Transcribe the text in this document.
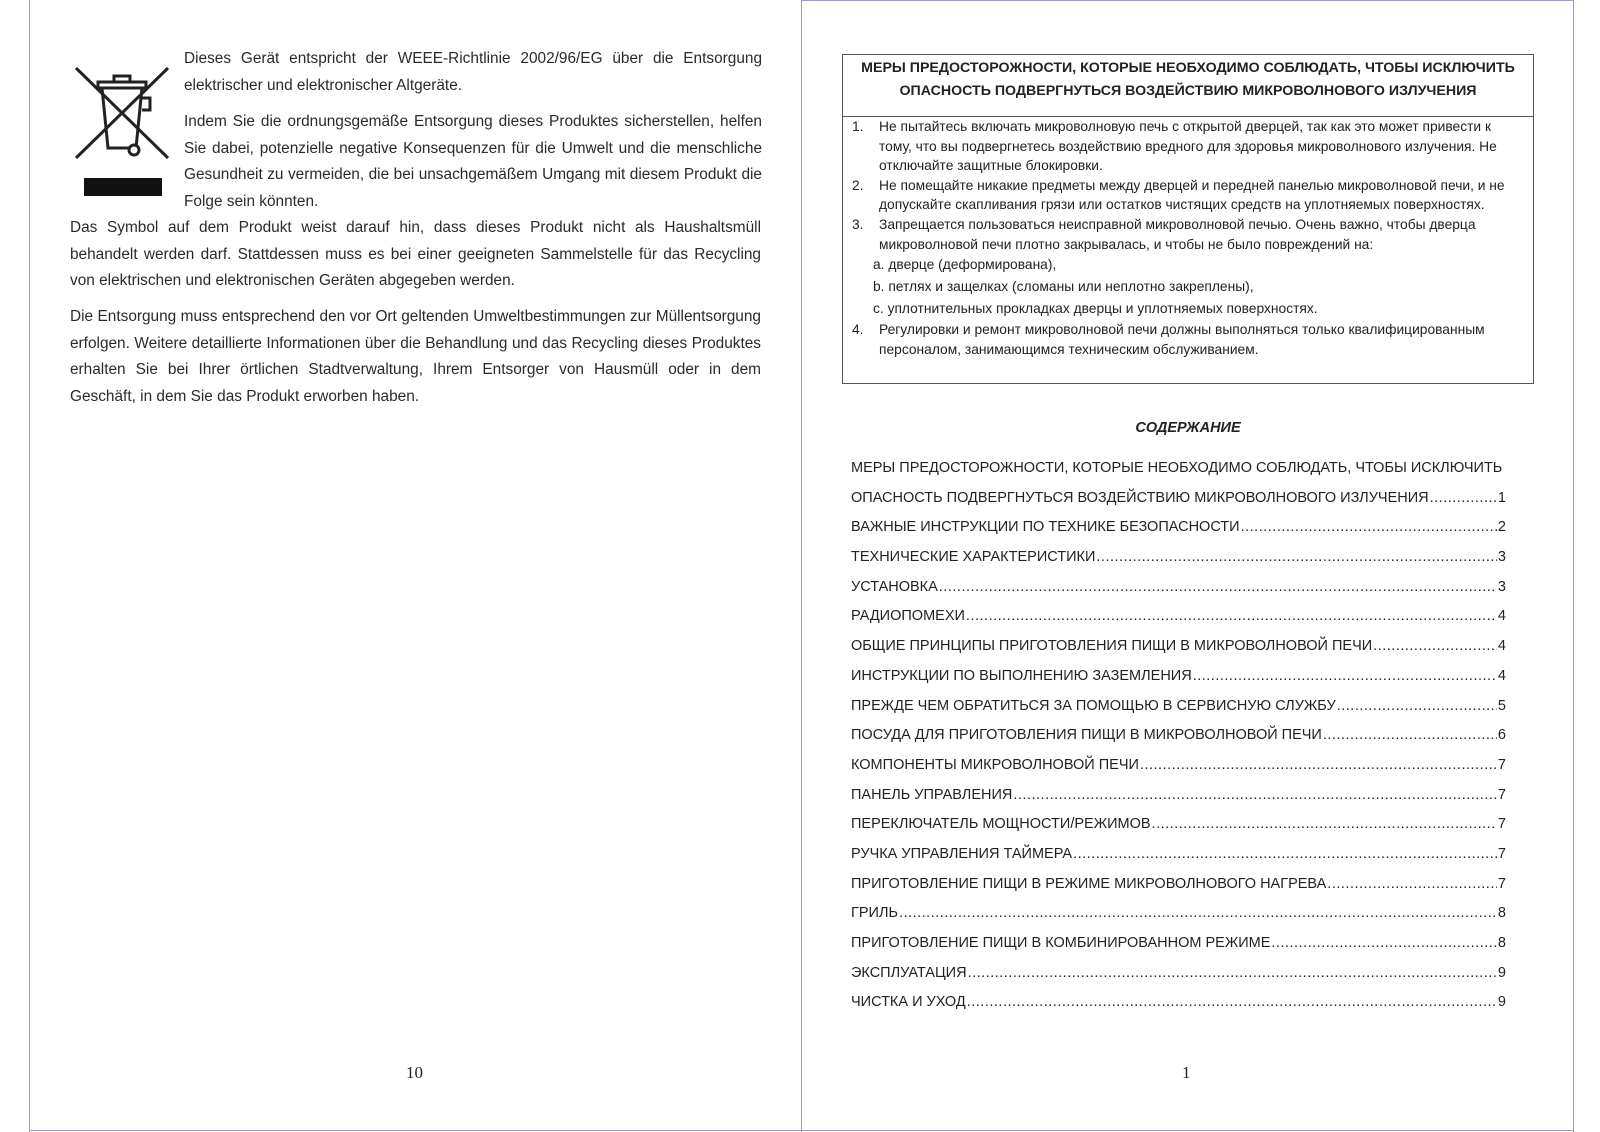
Dieses Gerät entspricht der WEEE-Richtlinie 2002/96/EG über die Entsorgung elektrischer und elektronischer Altgeräte.
Indem Sie die ordnungsgemäße Entsorgung dieses Produktes sicherstellen, helfen Sie dabei, potenzielle negative Konsequenzen für die Umwelt und die menschliche Gesundheit zu vermeiden, die bei unsachgemäßem Umgang mit diesem Produkt die Folge sein könnten.
Das Symbol auf dem Produkt weist darauf hin, dass dieses Produkt nicht als Haushaltsmüll behandelt werden darf. Stattdessen muss es bei einer geeigneten Sammelstelle für das Recycling von elektrischen und elektronischen Geräten abgegeben werden.
Die Entsorgung muss entsprechend den vor Ort geltenden Umweltbestimmungen zur Müllentsorgung erfolgen. Weitere detaillierte Informationen über die Behandlung und das Recycling dieses Produktes erhalten Sie bei Ihrer örtlichen Stadtverwaltung, Ihrem Entsorger von Hausmüll oder in dem Geschäft, in dem Sie das Produkt erworben haben.
10
МЕРЫ ПРЕДОСТОРОЖНОСТИ, КОТОРЫЕ НЕОБХОДИМО СОБЛЮДАТЬ, ЧТОБЫ ИСКЛЮЧИТЬ
ОПАСНОСТЬ ПОДВЕРГНУТЬСЯ ВОЗДЕЙСТВИЮ МИКРОВОЛНОВОГО ИЗЛУЧЕНИЯ
1. Не пытайтесь включать микроволновую печь с открытой дверцей, так как это может привести к тому, что вы подвергнетесь воздействию вредного для здоровья микроволнового излучения. Не отключайте защитные блокировки.
2. Не помещайте никакие предметы между дверцей и передней панелью микроволновой печи, и не допускайте скапливания грязи или остатков чистящих средств на уплотняемых поверхностях.
3. Запрещается пользоваться неисправной микроволновой печью. Очень важно, чтобы дверца микроволновой печи плотно закрывалась, и чтобы не было повреждений на:
a. дверце (деформирована),
b. петлях и защелках (сломаны или неплотно закреплены),
c. уплотнительных прокладках дверцы и уплотняемых поверхностях.
4. Регулировки и ремонт микроволновой печи должны выполняться только квалифицированным персоналом, занимающимся техническим обслуживанием.
СОДЕРЖАНИЕ
МЕРЫ ПРЕДОСТОРОЖНОСТИ, КОТОРЫЕ НЕОБХОДИМО СОБЛЮДАТЬ, ЧТОБЫ ИСКЛЮЧИТЬ
ОПАСНОСТЬ ПОДВЕРГНУТЬСЯ ВОЗДЕЙСТВИЮ МИКРОВОЛНОВОГО ИЗЛУЧЕНИЯ .....	1
ВАЖНЫЕ ИНСТРУКЦИИ ПО ТЕХНИКЕ БЕЗОПАСНОСТИ .....	2
ТЕХНИЧЕСКИЕ ХАРАКТЕРИСТИКИ .....	3
УСТАНОВКА .....	3
РАДИОПОМЕХИ .....	4
ОБЩИЕ ПРИНЦИПЫ ПРИГОТОВЛЕНИЯ ПИЩИ В МИКРОВОЛНОВОЙ ПЕЧИ .....	4
ИНСТРУКЦИИ ПО ВЫПОЛНЕНИЮ ЗАЗЕМЛЕНИЯ .....	4
ПРЕЖДЕ ЧЕМ ОБРАТИТЬСЯ ЗА ПОМОЩЬЮ В СЕРВИСНУЮ СЛУЖБУ .....	5
ПОСУДА ДЛЯ ПРИГОТОВЛЕНИЯ ПИЩИ В МИКРОВОЛНОВОЙ ПЕЧИ .....	6
КОМПОНЕНТЫ МИКРОВОЛНОВОЙ ПЕЧИ .....	7
ПАНЕЛЬ УПРАВЛЕНИЯ .....	7
ПЕРЕКЛЮЧАТЕЛЬ МОЩНОСТИ/РЕЖИМОВ .....	7
РУЧКА УПРАВЛЕНИЯ ТАЙМЕРА .....	7
ПРИГОТОВЛЕНИЕ ПИЩИ В РЕЖИМЕ МИКРОВОЛНОВОГО НАГРЕВА .....	7
ГРИЛЬ .....	8
ПРИГОТОВЛЕНИЕ ПИЩИ В КОМБИНИРОВАННОМ РЕЖИМЕ .....	8
ЭКСПЛУАТАЦИЯ .....	9
ЧИСТКА И УХОД .....	9
1
